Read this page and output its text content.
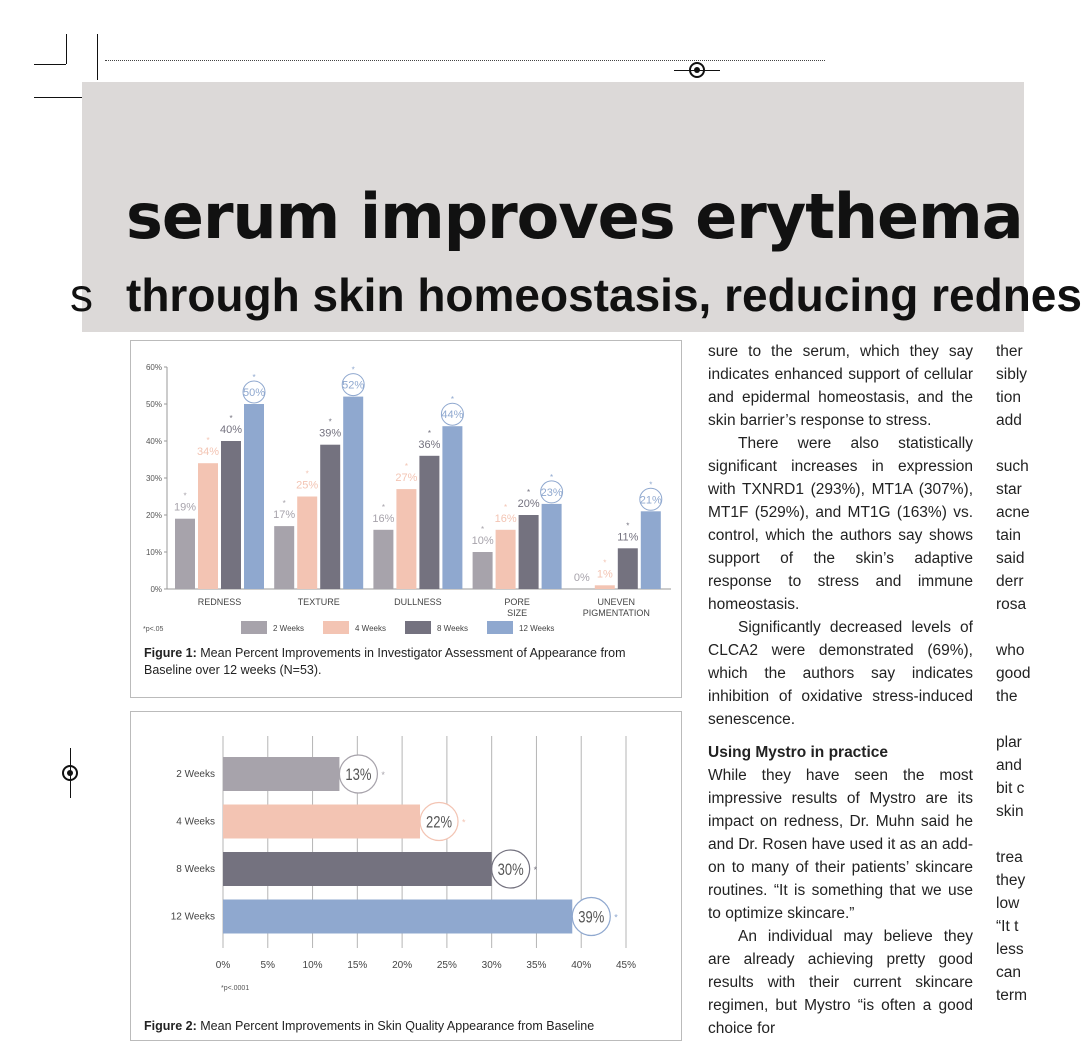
serum improves erythema
through skin homeostasis, reducing rednes
s
0%
10%
20%
30%
40%
50%
60%
19%
*
34%
*
40%
*
50%
*
REDNESS
17%
*
25%
*
39%
*
52%
*
TEXTURE
16%
*
27%
*
36%
*
44%
*
DULLNESS
10%
*
16%
* 20%
* 23%
*
PORE
SIZE
0% 1%
*
11%
*
21%
*
UNEVEN
PIGMENTATION
*p<.05	2 Weeks	4 Weeks	8 Weeks	12 Weeks
Figure 1: Mean Percent Improvements in Investigator Assessment of Appearance from Baseline over 12 weeks (N=53).
0%	5%	10% 15% 20% 25% 30% 35% 40% 45%
2 Weeks	13% *
4 Weeks	22% *
8 Weeks	30% *
12 Weeks	39% *
*p<.0001
Figure 2: Mean Percent Improvements in Skin Quality Appearance from Baseline

sure to the serum, which they say indicates enhanced support of cellular and epidermal homeostasis, and the skin barrier’s response to stress.

There were also statistically significant increases in expression with TXNRD1 (293%), MT1A (307%), MT1F (529%), and MT1G (163%) vs. control, which the authors say shows support of the skin’s adaptive response to stress and immune homeostasis.

Significantly decreased levels of CLCA2 were demonstrated (69%), which the authors say indicates inhibition of oxidative stress-induced senescence.

Using Mystro in practice

While they have seen the most impressive results of Mystro are its impact on redness, Dr. Muhn said he and Dr. Rosen have used it as an add-on to many of their patients’ skincare routines. “It is something that we use to optimize skincare.”

An individual may believe they are already achieving pretty good results with their current skincare regimen, but Mystro “is often a good choice for

ther
sibly
tion
add
such
star
acne
tain
said
derr
rosa
who
good
the
plar
and
bit c
skin
trea
they
low
“It t
less
can
term
